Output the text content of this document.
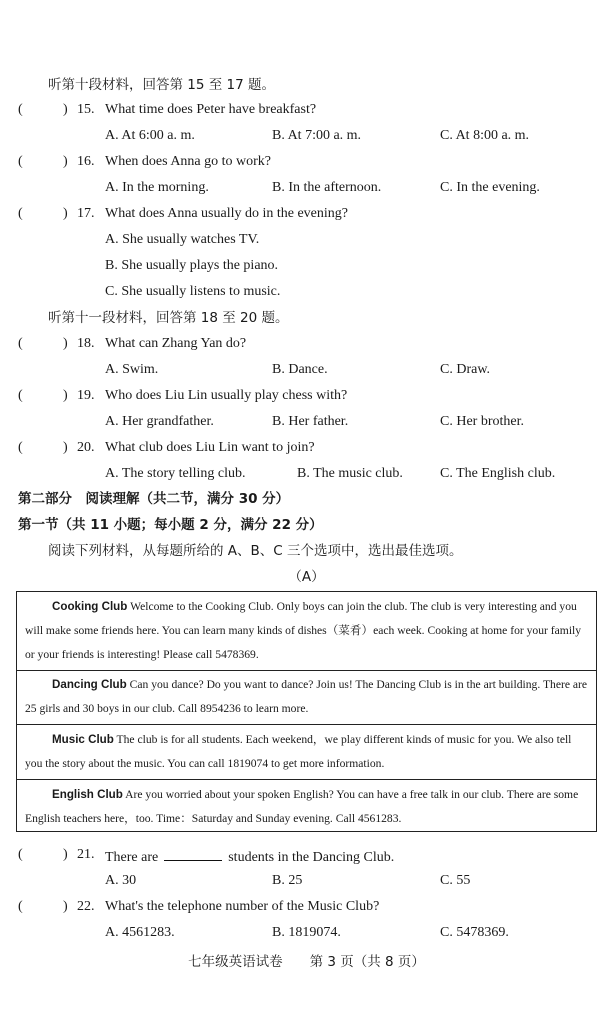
听第十段材料，回答第 15 至 17 题。
(	) 15. What time does Peter have breakfast?
A. At 6:00 a. m.	B. At 7:00 a. m.	C. At 8:00 a. m.
(	) 16. When does Anna go to work?
A. In the morning.	B. In the afternoon.	C. In the evening.
(	) 17. What does Anna usually do in the evening?
A. She usually watches TV.
B. She usually plays the piano.
C. She usually listens to music.
听第十一段材料，回答第 18 至 20 题。
(	) 18. What can Zhang Yan do?
A. Swim.	B. Dance.	C. Draw.
(	) 19. Who does Liu Lin usually play chess with?
A. Her grandfather.	B. Her father.	C. Her brother.
(	) 20. What club does Liu Lin want to join?
A. The story telling club.	B. The music club.	C. The English club.
第二部分　阅读理解（共二节，满分 30 分）
第一节（共 11 小题；每小题 2 分，满分 22 分）
阅读下列材料，从每题所给的 A、B、C 三个选项中，选出最佳选项。
（A）

Cooking Club Welcome to the Cooking Club. Only boys can join the club. The club is very interesting and you will make some friends here. You can learn many kinds of dishes（菜肴）each week. Cooking at home for your family or your friends is interesting! Please call 5478369.

Dancing Club Can you dance? Do you want to dance? Join us! The Dancing Club is in the art building. There are 25 girls and 30 boys in our club. Call 8954236 to learn more.

Music Club The club is for all students. Each weekend，we play different kinds of music for you. We also tell you the story about the music. You can call 1819074 to get more information.

English Club Are you worried about your spoken English? You can have a free talk in our club. There are some English teachers here，too. Time：Saturday and Sunday evening. Call 4561283.

(	) 21. There are	students in the Dancing Club.
A. 30	B. 25	C. 55
(	) 22. What's the telephone number of the Music Club?
A. 4561283.	B. 1819074.	C. 5478369.
七年级英语试卷　　第 3 页（共 8 页）
